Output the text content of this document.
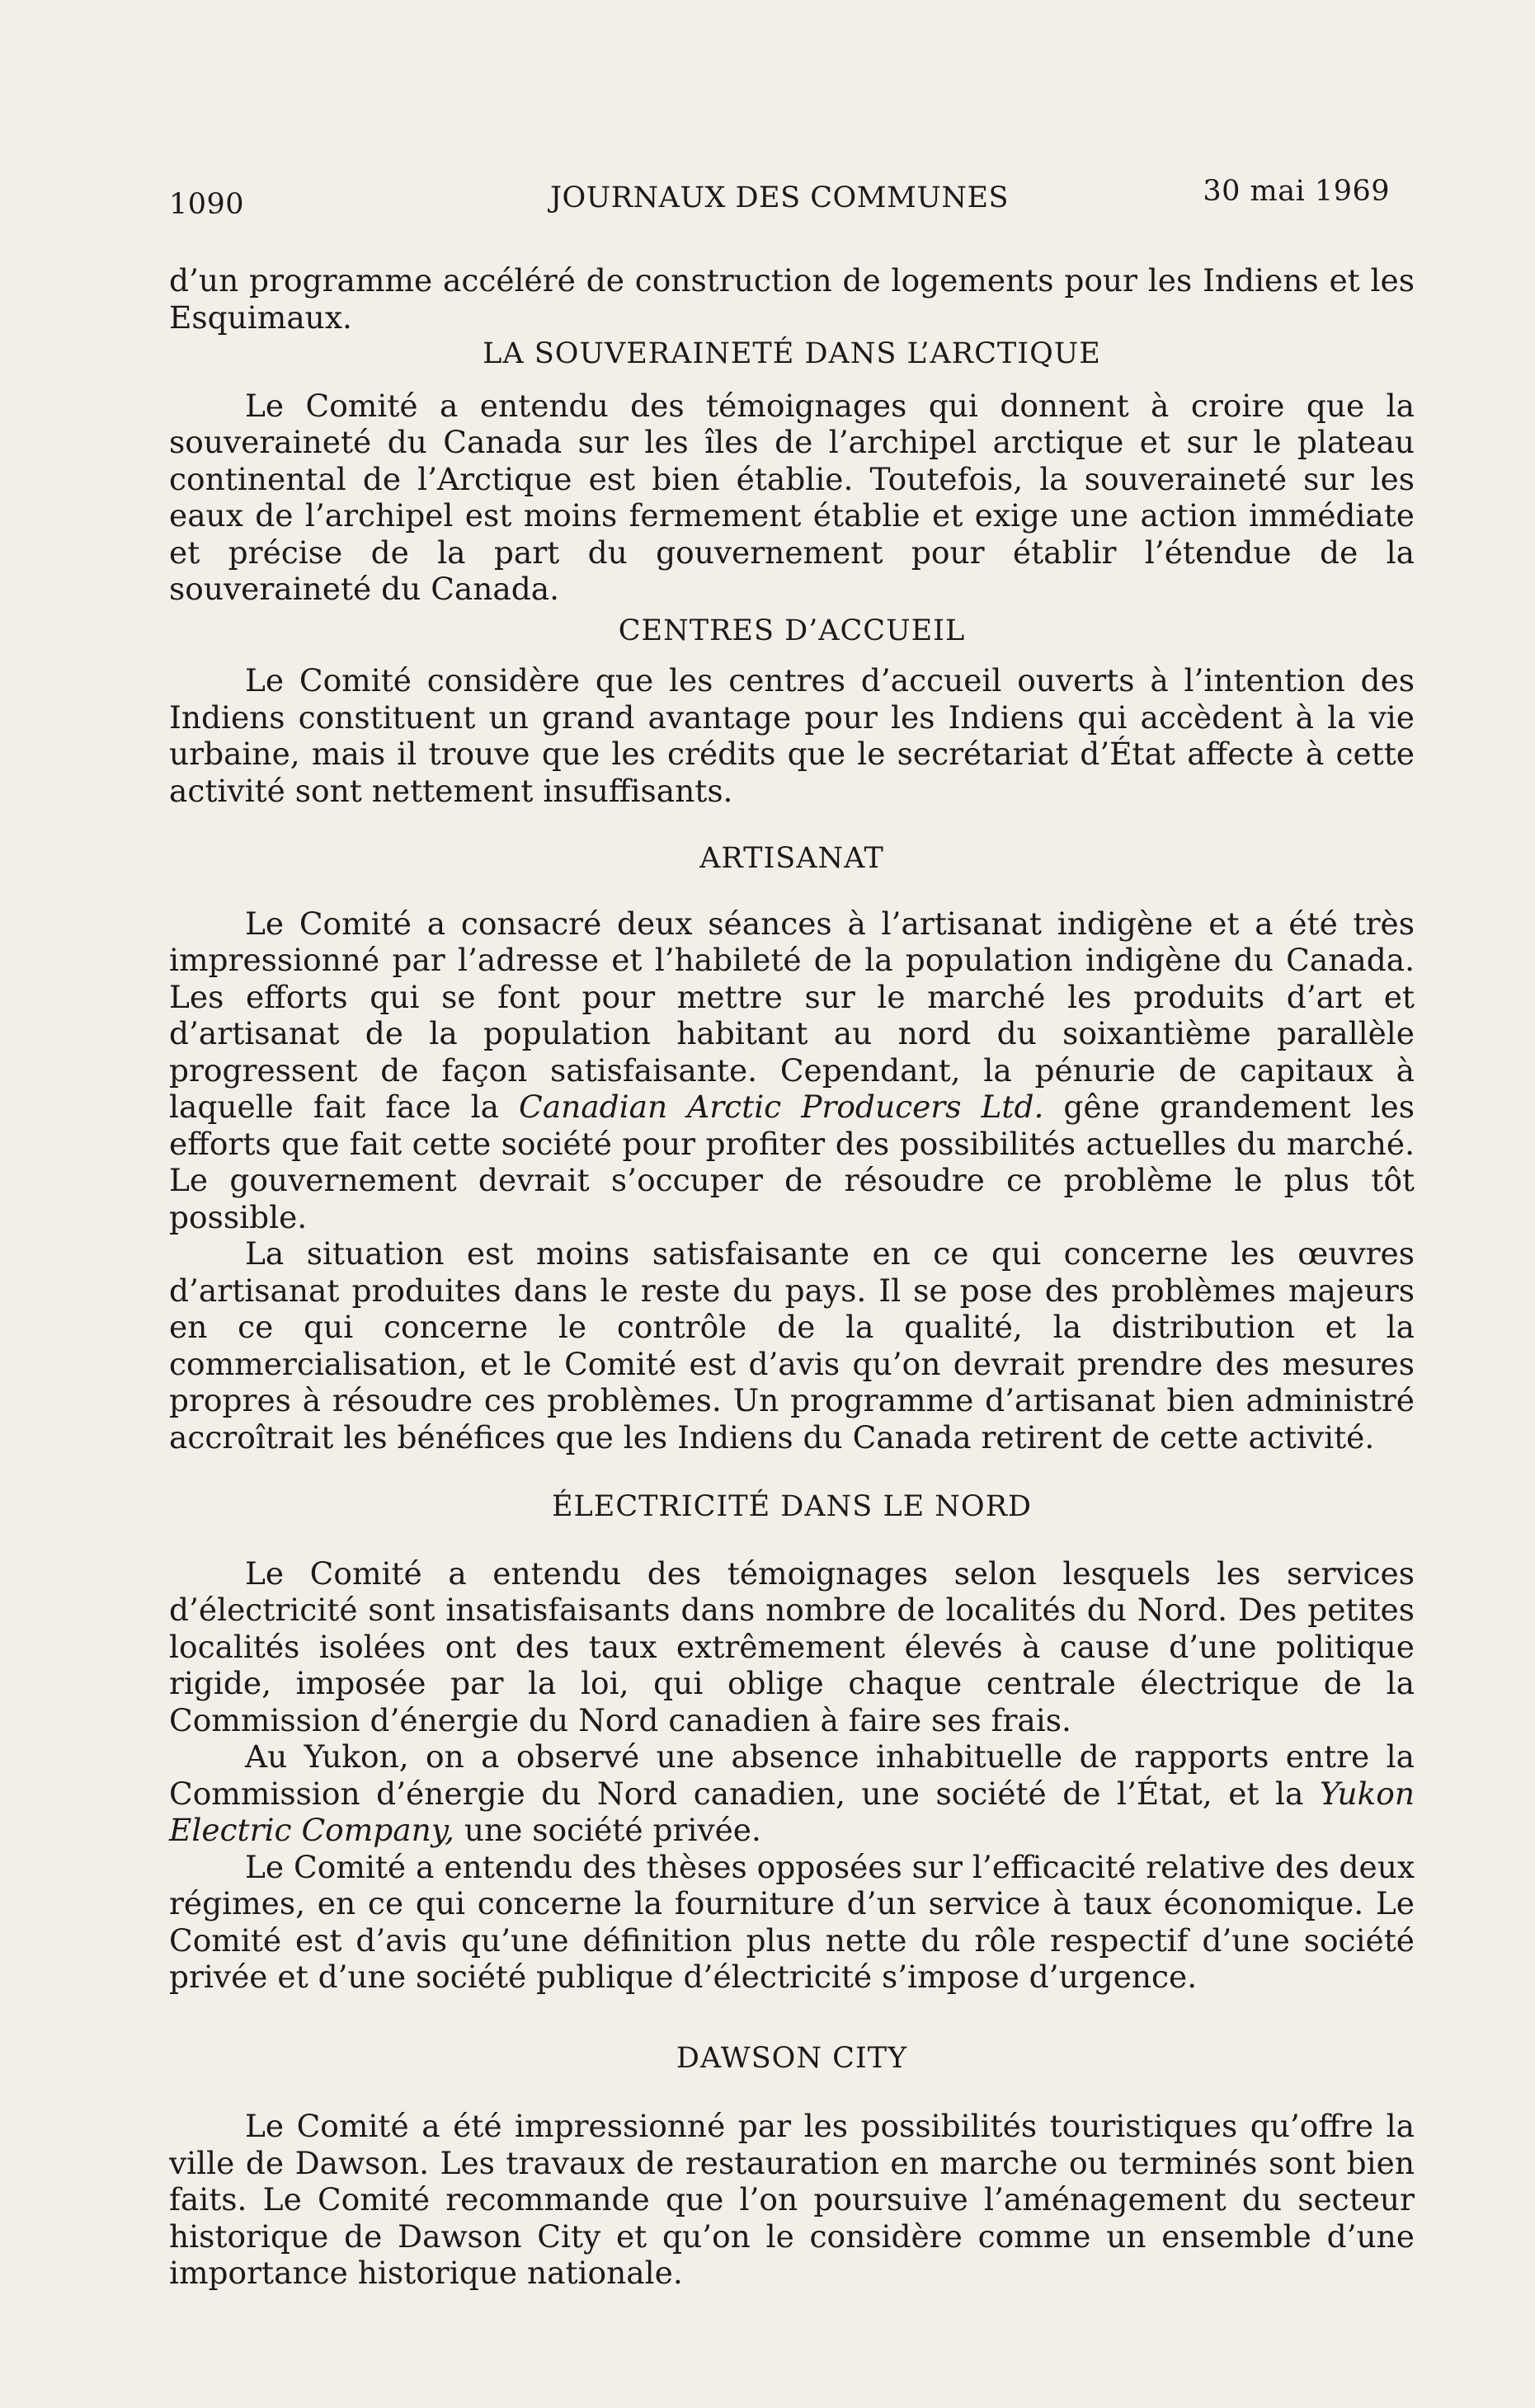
1090	JOURNAUX DES COMMUNES	30 mai 1969

d’un programme accéléré de construction de logements pour les Indiens et les Esquimaux.

LA SOUVERAINETÉ DANS L’ARCTIQUE

Le Comité a entendu des témoignages qui donnent à croire que la souveraineté du Canada sur les îles de l’archipel arctique et sur le plateau continental de l’Arctique est bien établie. Toutefois, la souveraineté sur les eaux de l’archipel est moins fermement établie et exige une action immédiate et précise de la part du gouvernement pour établir l’étendue de la souveraineté du Canada.

CENTRES D’ACCUEIL

Le Comité considère que les centres d’accueil ouverts à l’intention des Indiens constituent un grand avantage pour les Indiens qui accèdent à la vie urbaine, mais il trouve que les crédits que le secrétariat d’État affecte à cette activité sont nettement insuffisants.

ARTISANAT

Le Comité a consacré deux séances à l’artisanat indigène et a été très impressionné par l’adresse et l’habileté de la population indigène du Canada. Les efforts qui se font pour mettre sur le marché les produits d’art et d’artisanat de la population habitant au nord du soixantième parallèle progressent de façon satisfaisante. Cependant, la pénurie de capitaux à laquelle fait face la Canadian Arctic Producers Ltd. gêne grandement les efforts que fait cette société pour profiter des possibilités actuelles du marché. Le gouvernement devrait s’occuper de résoudre ce problème le plus tôt possible.

La situation est moins satisfaisante en ce qui concerne les œuvres d’artisanat produites dans le reste du pays. Il se pose des problèmes majeurs en ce qui concerne le contrôle de la qualité, la distribution et la commercialisation, et le Comité est d’avis qu’on devrait prendre des mesures propres à résoudre ces problèmes. Un programme d’artisanat bien administré accroîtrait les bénéfices que les Indiens du Canada retirent de cette activité.

ÉLECTRICITÉ DANS LE NORD

Le Comité a entendu des témoignages selon lesquels les services d’électricité sont insatisfaisants dans nombre de localités du Nord. Des petites localités isolées ont des taux extrêmement élevés à cause d’une politique rigide, imposée par la loi, qui oblige chaque centrale électrique de la Commission d’énergie du Nord canadien à faire ses frais.

Au Yukon, on a observé une absence inhabituelle de rapports entre la Commission d’énergie du Nord canadien, une société de l’État, et la Yukon Electric Company, une société privée.

Le Comité a entendu des thèses opposées sur l’efficacité relative des deux régimes, en ce qui concerne la fourniture d’un service à taux économique. Le Comité est d’avis qu’une définition plus nette du rôle respectif d’une société privée et d’une société publique d’électricité s’impose d’urgence.

DAWSON CITY

Le Comité a été impressionné par les possibilités touristiques qu’offre la ville de Dawson. Les travaux de restauration en marche ou terminés sont bien faits. Le Comité recommande que l’on poursuive l’aménagement du secteur historique de Dawson City et qu’on le considère comme un ensemble d’une importance historique nationale.
